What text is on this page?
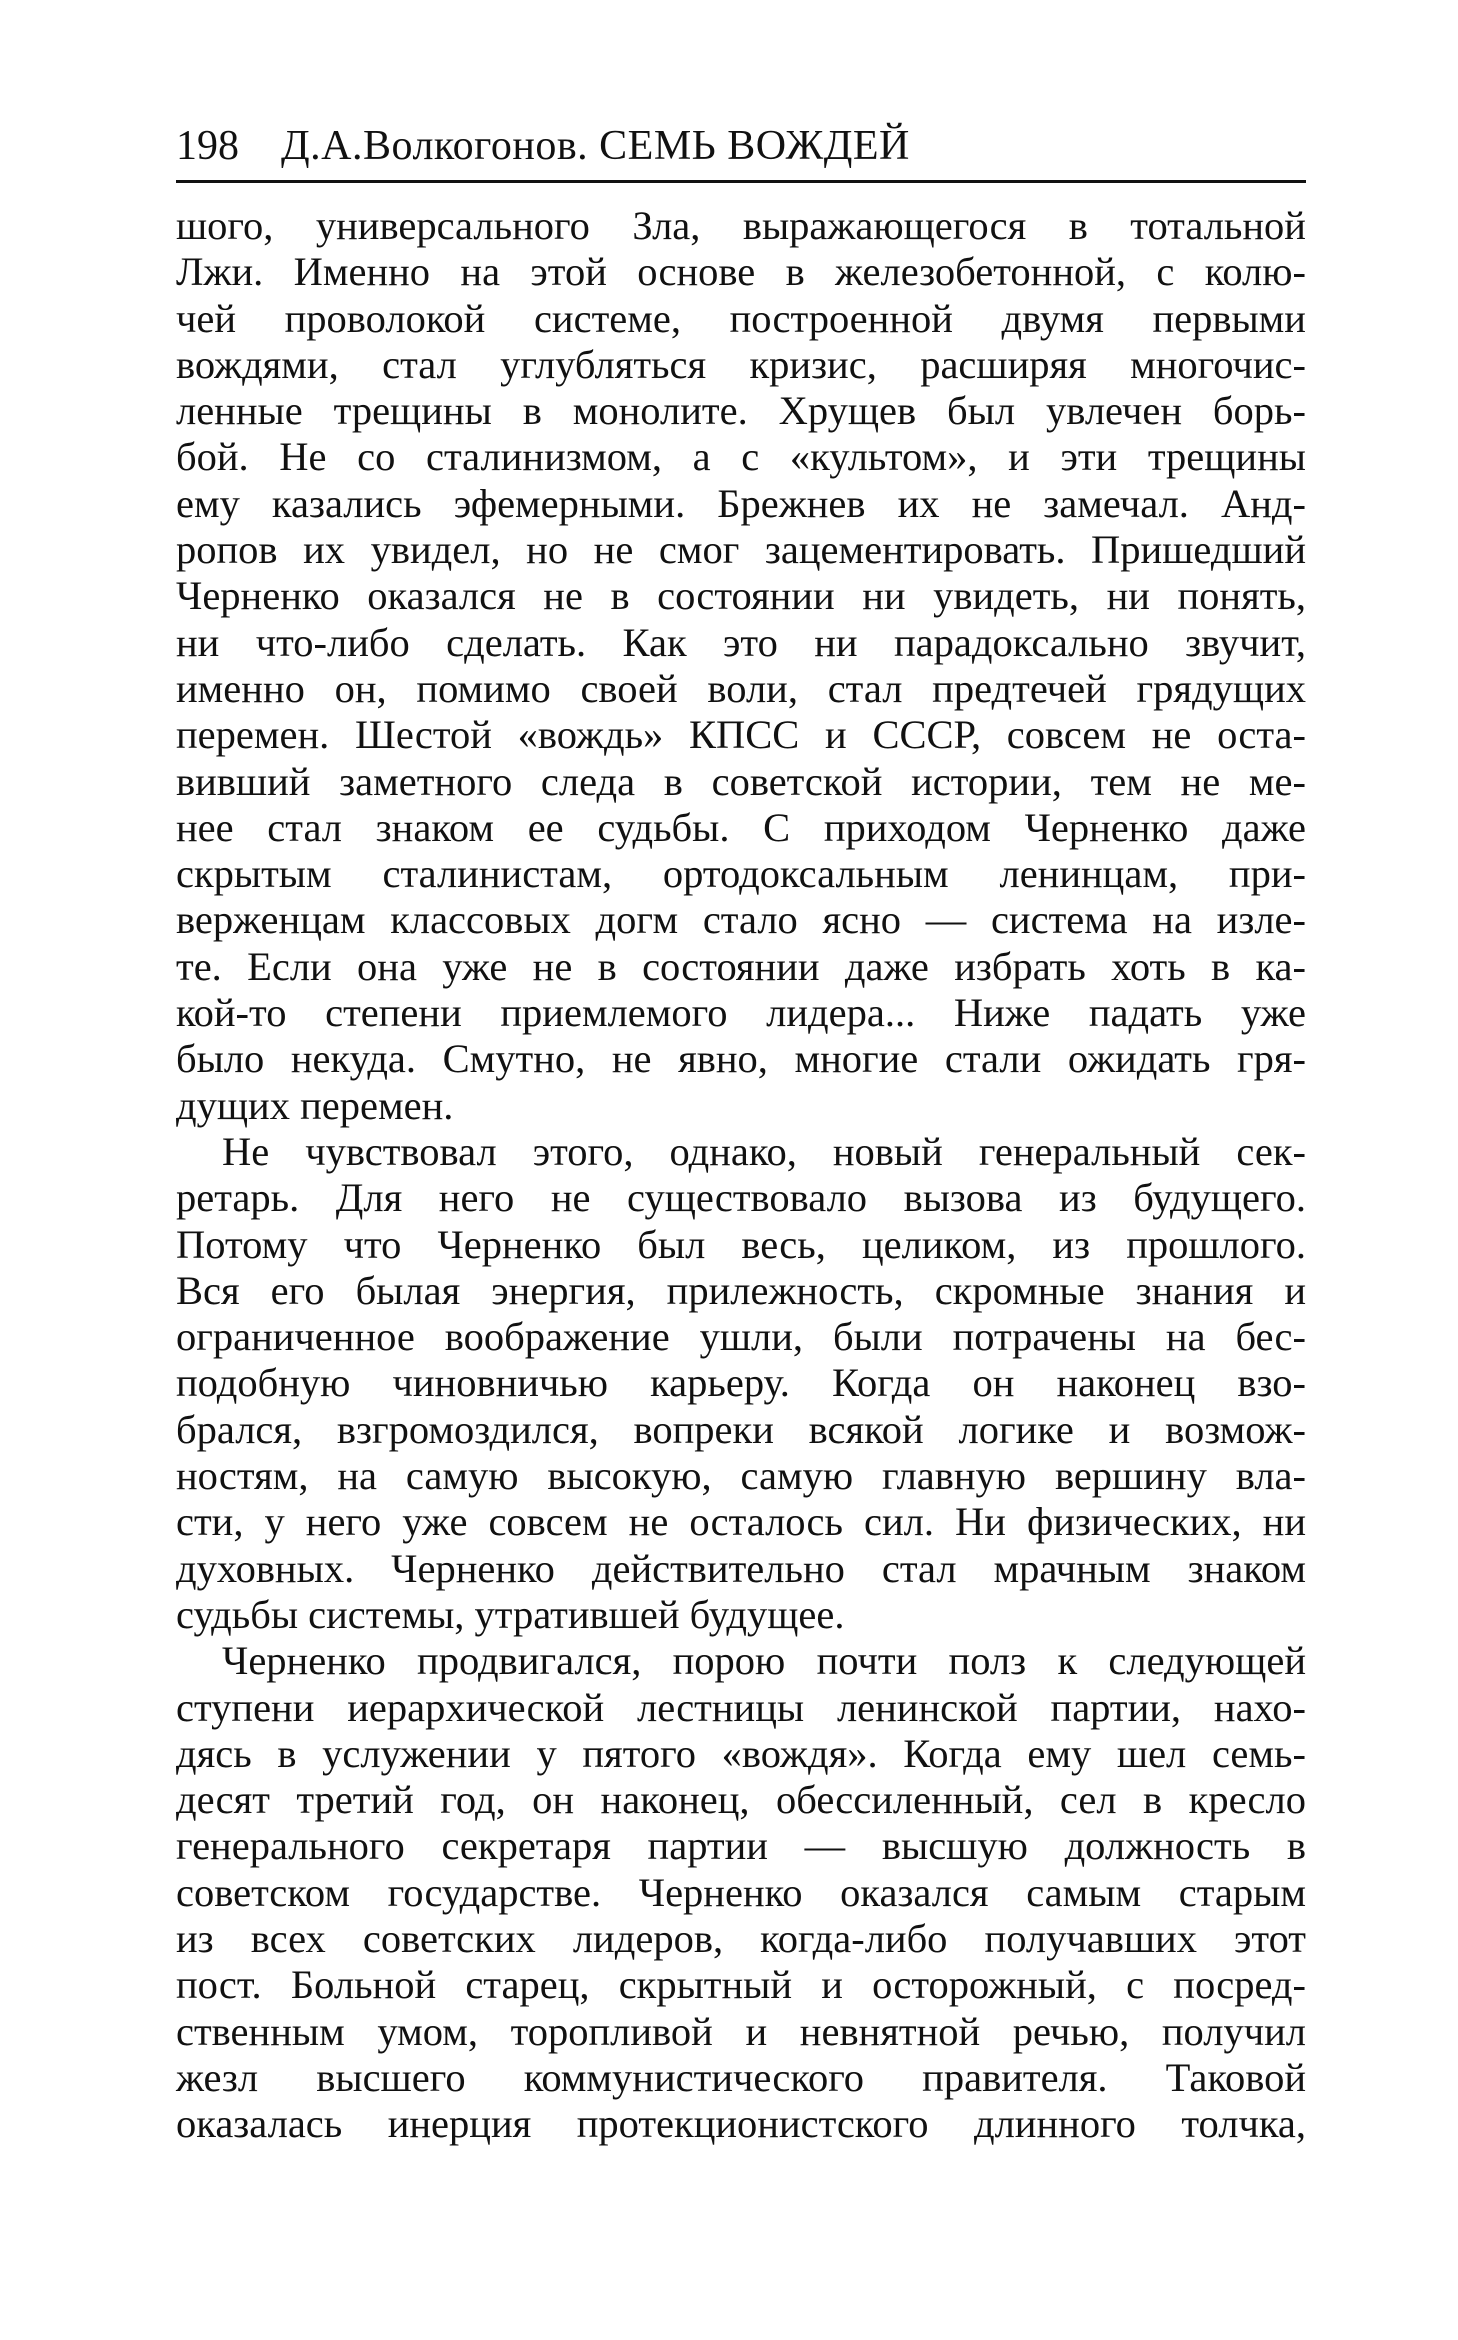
198 Д.А.Волкогонов. СЕМЬ ВОЖДЕЙ
шого, универсального Зла, выражающегося в тотальной
Лжи. Именно на этой основе в железобетонной, с колю-
чей проволокой системе, построенной двумя первыми
вождями, стал углубляться кризис, расширяя многочис-
ленные трещины в монолите. Хрущев был увлечен борь-
бой. Не со сталинизмом, а с «культом», и эти трещины
ему казались эфемерными. Брежнев их не замечал. Анд-
ропов их увидел, но не смог зацементировать. Пришедший
Черненко оказался не в состоянии ни увидеть, ни понять,
ни что-либо сделать. Как это ни парадоксально звучит,
именно он, помимо своей воли, стал предтечей грядущих
перемен. Шестой «вождь» КПСС и СССР, совсем не оста-
вивший заметного следа в советской истории, тем не ме-
нее стал знаком ее судьбы. С приходом Черненко даже
скрытым сталинистам, ортодоксальным ленинцам, при-
верженцам классовых догм стало ясно — система на изле-
те. Если она уже не в состоянии даже избрать хоть в ка-
кой-то степени приемлемого лидера... Ниже падать уже
было некуда. Смутно, не явно, многие стали ожидать гря-
дущих перемен.
Не чувствовал этого, однако, новый генеральный сек-
ретарь. Для него не существовало вызова из будущего.
Потому что Черненко был весь, целиком, из прошлого.
Вся его былая энергия, прилежность, скромные знания и
ограниченное воображение ушли, были потрачены на бес-
подобную чиновничью карьеру. Когда он наконец взо-
брался, взгромоздился, вопреки всякой логике и возмож-
ностям, на самую высокую, самую главную вершину вла-
сти, у него уже совсем не осталось сил. Ни физических, ни
духовных. Черненко действительно стал мрачным знаком
судьбы системы, утратившей будущее.
Черненко продвигался, порою почти полз к следующей
ступени иерархической лестницы ленинской партии, нахо-
дясь в услужении у пятого «вождя». Когда ему шел семь-
десят третий год, он наконец, обессиленный, сел в кресло
генерального секретаря партии — высшую должность в
советском государстве. Черненко оказался самым старым
из всех советских лидеров, когда-либо получавших этот
пост. Больной старец, скрытный и осторожный, с посред-
ственным умом, торопливой и невнятной речью, получил
жезл высшего коммунистического правителя. Таковой
оказалась инерция протекционистского длинного толчка,
